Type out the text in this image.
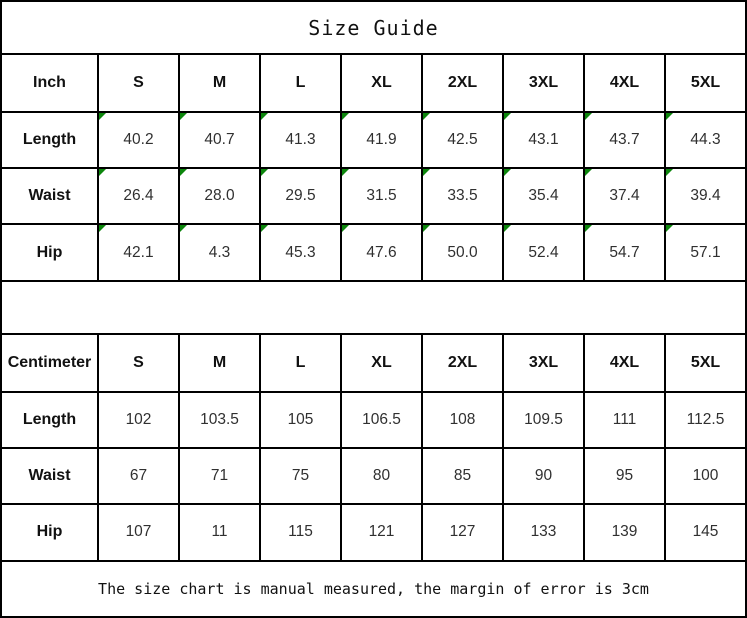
Size Guide								
Inch	S	M	L	XL	2XL	3XL	4XL	5XL
Length	40.2	40.7	41.3	41.9	42.5	43.1	43.7	44.3
Waist	26.4	28.0	29.5	31.5	33.5	35.4	37.4	39.4
Hip	42.1	4.3	45.3	47.6	50.0	52.4	54.7	57.1

Centimeter	S	M	L	XL	2XL	3XL	4XL	5XL
Length	102	103.5	105	106.5	108	109.5	111	112.5
Waist	67	71	75	80	85	90	95	100
Hip	107	11	115	121	127	133	139	145
The size chart is manual measured, the margin of error is 3cm								
